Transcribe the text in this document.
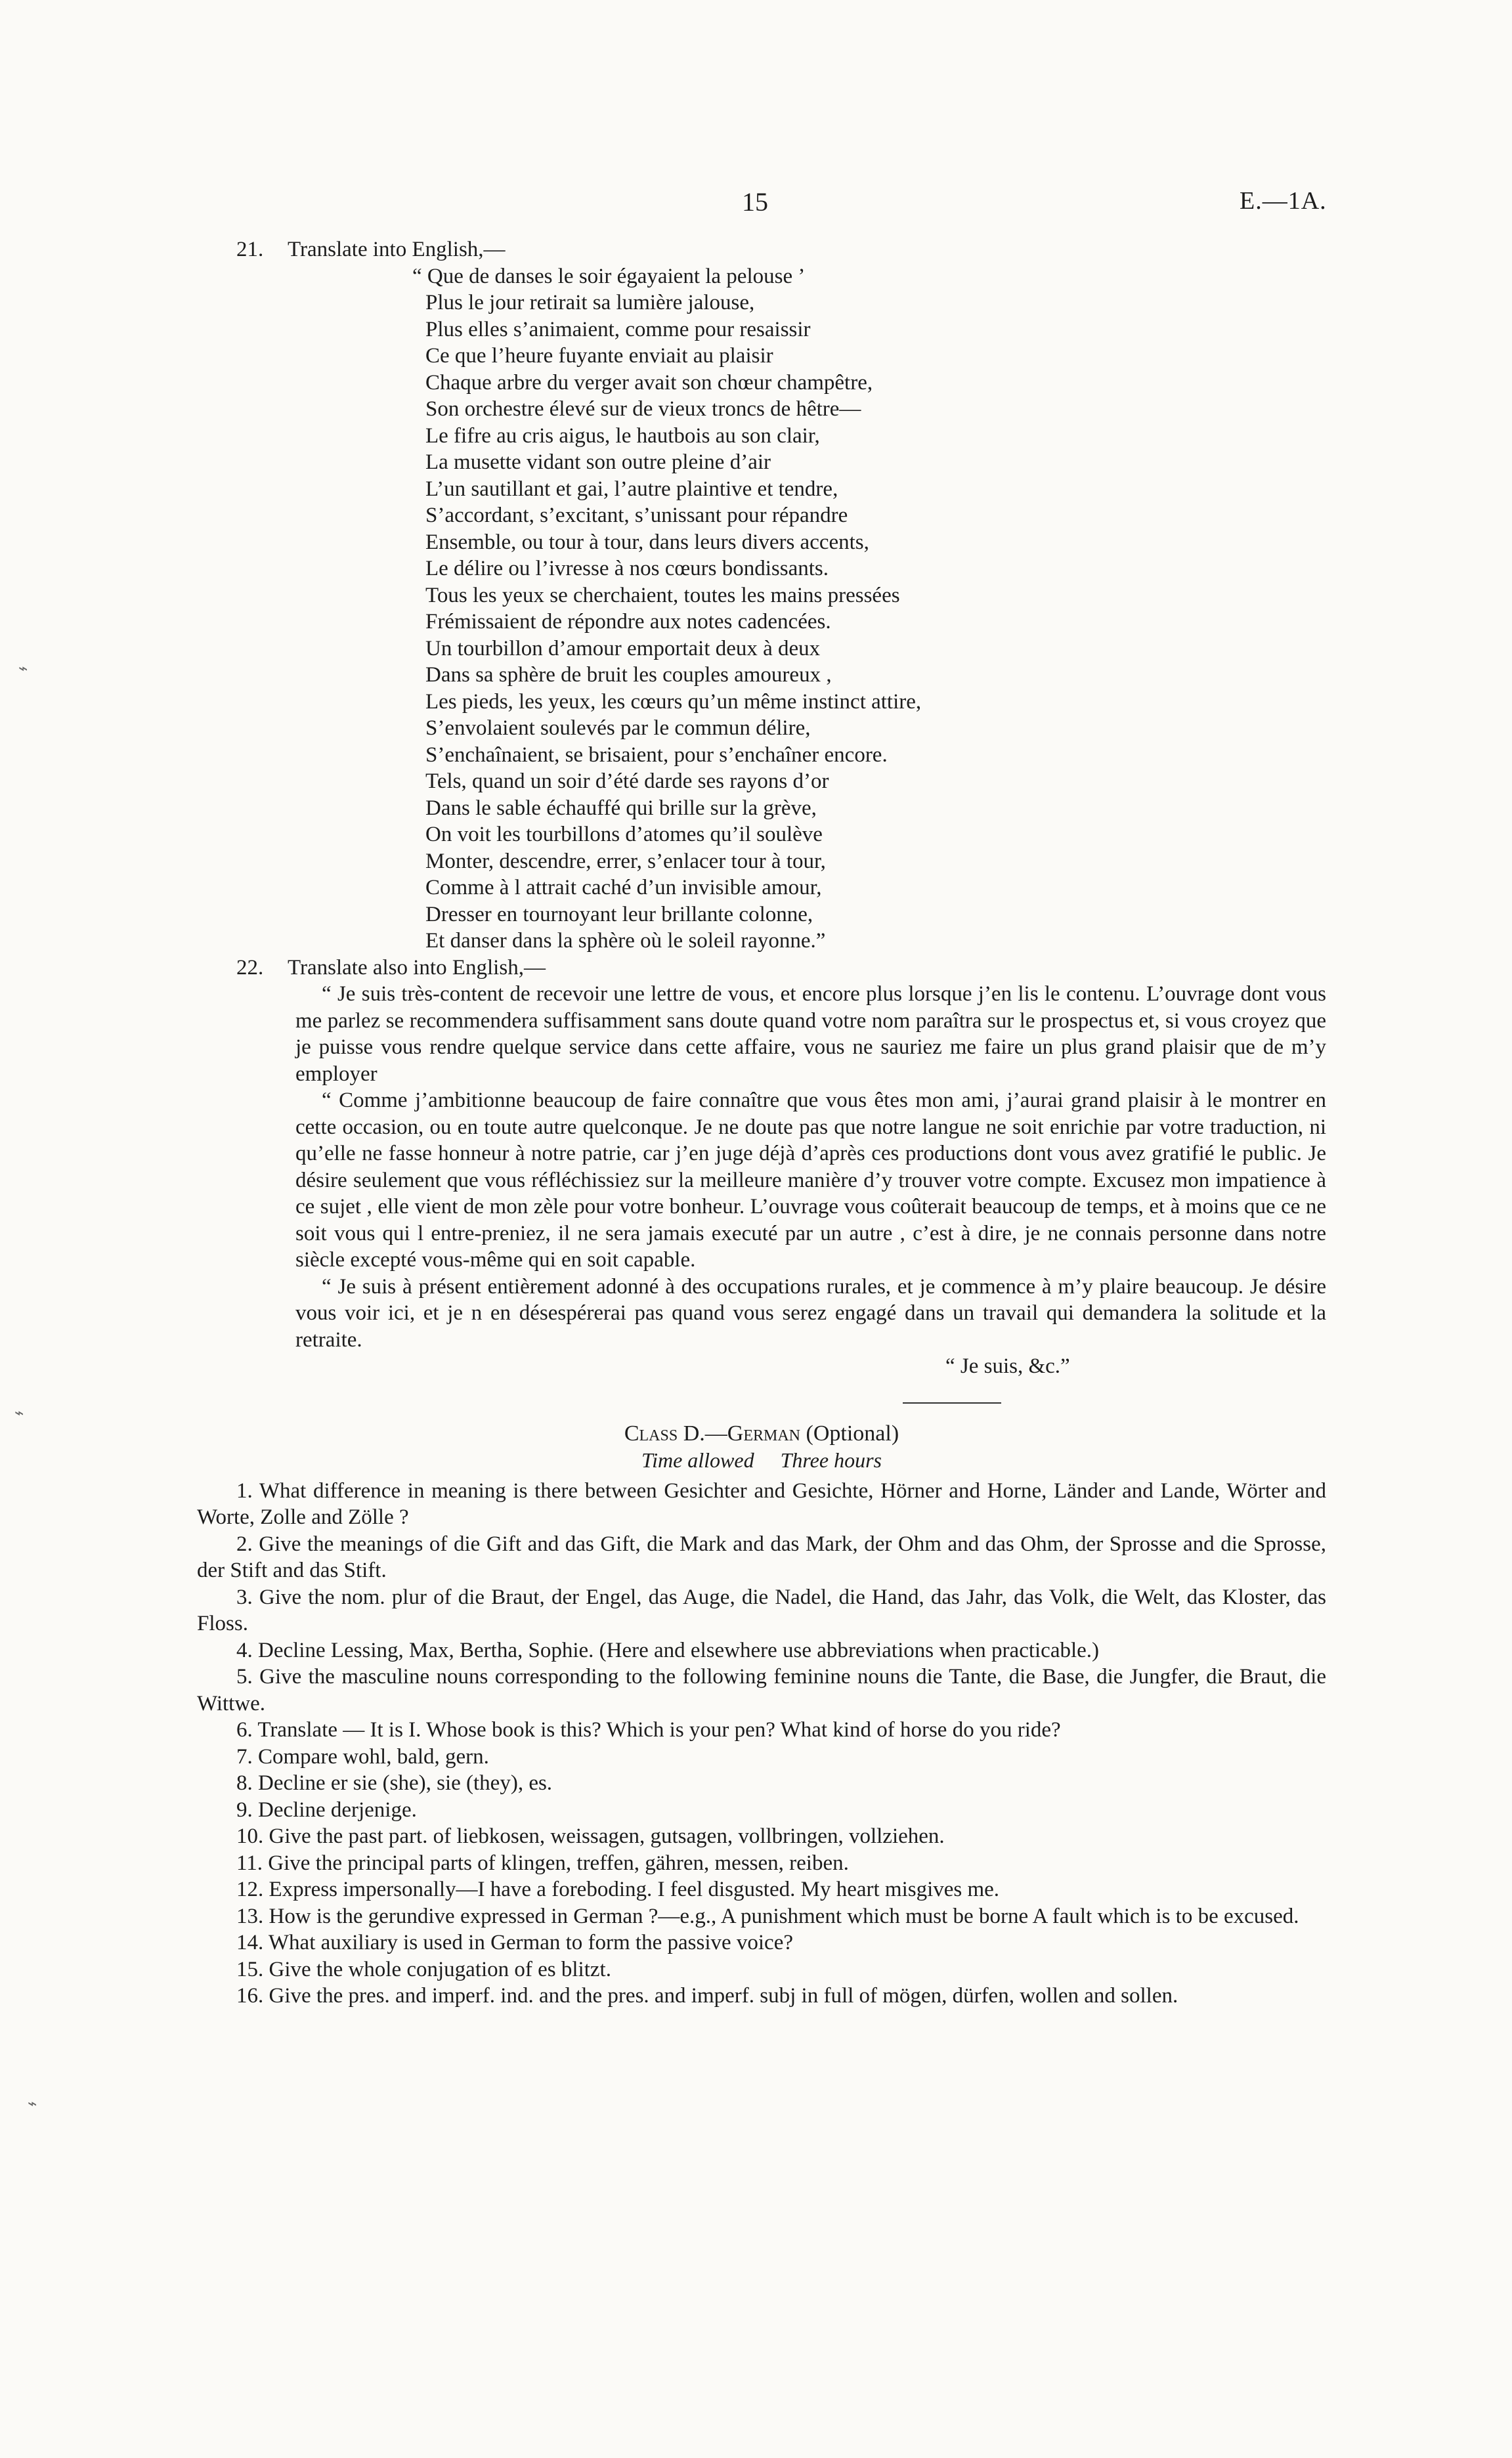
15	E.—1A.
⌁
⌁
⌁
21. Translate into English,—
“ Que de danses le soir égayaient la pelouse ’
Plus le jour retirait sa lumière jalouse,
Plus elles s’animaient, comme pour resaissir
Ce que l’heure fuyante enviait au plaisir
Chaque arbre du verger avait son chœur champêtre,
Son orchestre élevé sur de vieux troncs de hêtre—
Le fifre au cris aigus, le hautbois au son clair,
La musette vidant son outre pleine d’air
L’un sautillant et gai, l’autre plaintive et tendre,
S’accordant, s’excitant, s’unissant pour répandre
Ensemble, ou tour à tour, dans leurs divers accents,
Le délire ou l’ivresse à nos cœurs bondissants.
Tous les yeux se cherchaient, toutes les mains pressées
Frémissaient de répondre aux notes cadencées.
Un tourbillon d’amour emportait deux à deux
Dans sa sphère de bruit les couples amoureux ,
Les pieds, les yeux, les cœurs qu’un même instinct attire,
S’envolaient soulevés par le commun délire,
S’enchaînaient, se brisaient, pour s’enchaîner encore.
Tels, quand un soir d’été darde ses rayons d’or
Dans le sable échauffé qui brille sur la grève,
On voit les tourbillons d’atomes qu’il soulève
Monter, descendre, errer, s’enlacer tour à tour,
Comme à l attrait caché d’un invisible amour,
Dresser en tournoyant leur brillante colonne,
Et danser dans la sphère où le soleil rayonne.”
22. Translate also into English,—

“ Je suis très-content de recevoir une lettre de vous, et encore plus lorsque j’en lis le contenu. L’ouvrage dont vous me parlez se recommendera suffisamment sans doute quand votre nom paraîtra sur le prospectus et, si vous croyez que je puisse vous rendre quelque service dans cette affaire, vous ne sauriez me faire un plus grand plaisir que de m’y employer

“ Comme j’ambitionne beaucoup de faire connaître que vous êtes mon ami, j’aurai grand plaisir à le montrer en cette occasion, ou en toute autre quelconque. Je ne doute pas que notre langue ne soit enrichie par votre traduction, ni qu’elle ne fasse honneur à notre patrie, car j’en juge déjà d’après ces productions dont vous avez gratifié le public. Je désire seulement que vous réfléchissiez sur la meilleure manière d’y trouver votre compte. Excusez mon impatience à ce sujet , elle vient de mon zèle pour votre bonheur. L’ouvrage vous coûterait beaucoup de temps, et à moins que ce ne soit vous qui l entre-preniez, il ne sera jamais executé par un autre , c’est à dire, je ne connais personne dans notre siècle excepté vous-même qui en soit capable.

“ Je suis à présent entièrement adonné à des occupations rurales, et je commence à m’y plaire beaucoup. Je désire vous voir ici, et je n en désespérerai pas quand vous serez engagé dans un travail qui demandera la solitude et la retraite.

“ Je suis, &c.”
Class D.—German (Optional)
Time allowed Three hours
1. What difference in meaning is there between Gesichter and Gesichte, Hörner and Horne, Länder and Lande, Wörter and Worte, Zolle and Zölle ?
2. Give the meanings of die Gift and das Gift, die Mark and das Mark, der Ohm and das Ohm, der Sprosse and die Sprosse, der Stift and das Stift.
3. Give the nom. plur of die Braut, der Engel, das Auge, die Nadel, die Hand, das Jahr, das Volk, die Welt, das Kloster, das Floss.
4. Decline Lessing, Max, Bertha, Sophie. (Here and elsewhere use abbreviations when practicable.)
5. Give the masculine nouns corresponding to the following feminine nouns die Tante, die Base, die Jungfer, die Braut, die Wittwe.
6. Translate — It is I. Whose book is this? Which is your pen? What kind of horse do you ride?
7. Compare wohl, bald, gern.
8. Decline er sie (she), sie (they), es.
9. Decline derjenige.
10. Give the past part. of liebkosen, weissagen, gutsagen, vollbringen, vollziehen.
11. Give the principal parts of klingen, treffen, gähren, messen, reiben.
12. Express impersonally—I have a foreboding. I feel disgusted. My heart misgives me.
13. How is the gerundive expressed in German ?—e.g., A punishment which must be borne A fault which is to be excused.
14. What auxiliary is used in German to form the passive voice?
15. Give the whole conjugation of es blitzt.
16. Give the pres. and imperf. ind. and the pres. and imperf. subj in full of mögen, dürfen, wollen and sollen.
